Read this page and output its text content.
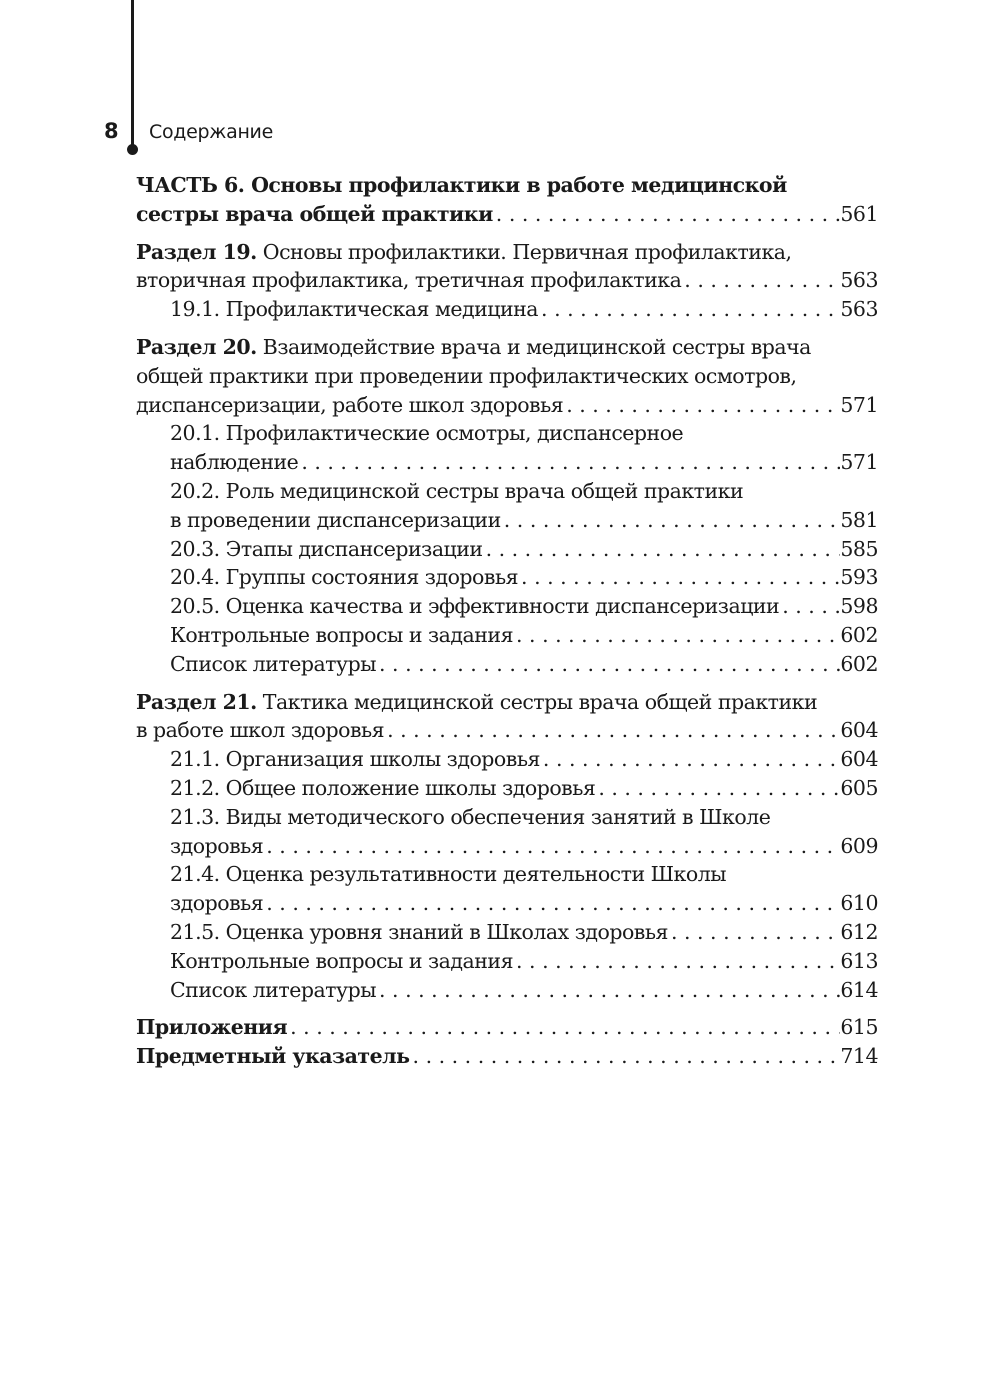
8 Содержание
ЧАСТЬ 6. Основы профилактики в работе медицинской
сестры врача общей практики . . .	561
Раздел 19. Основы профилактики. Первичная профилактика,
вторичная профилактика, третичная профилактика . . .	563
19.1. Профилактическая медицина . . .	563
Раздел 20. Взаимодействие врача и медицинской сестры врача
общей практики при проведении профилактических осмотров,
диспансеризации, работе школ здоровья . . .	571
20.1. Профилактические осмотры, диспансерное
наблюдение . . .	571
20.2. Роль медицинской сестры врача общей практики
в проведении диспансеризации . . .	581
20.3. Этапы диспансеризации . . .	585
20.4. Группы состояния здоровья . . .	593
20.5. Оценка качества и эффективности диспансеризации . . .	598
Контрольные вопросы и задания . . .	602
Список литературы . . .	602
Раздел 21. Тактика медицинской сестры врача общей практики
в работе школ здоровья . . .	604
21.1. Организация школы здоровья . . .	604
21.2. Общее положение школы здоровья . . .	605
21.3. Виды методического обеспечения занятий в Школе
здоровья . . .	609
21.4. Оценка результативности деятельности Школы
здоровья . . .	610
21.5. Оценка уровня знаний в Школах здоровья . . .	612
Контрольные вопросы и задания . . .	613
Список литературы . . .	614
Приложения . . .	615
Предметный указатель . . .	714
